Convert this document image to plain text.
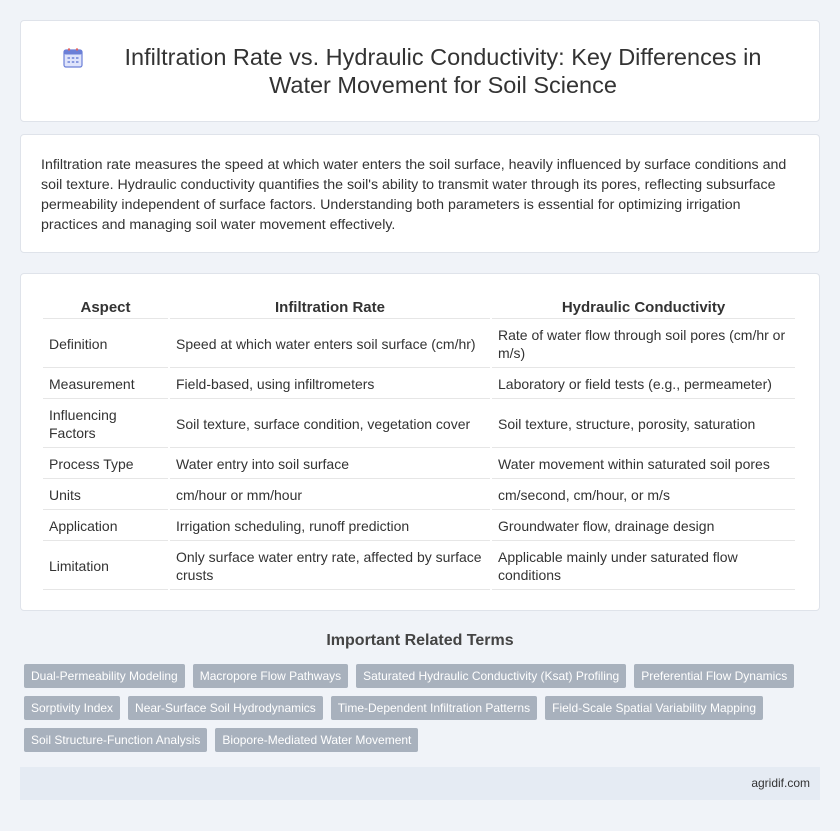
Infiltration Rate vs. Hydraulic Conductivity: Key Differences in Water Movement for Soil Science

Infiltration rate measures the speed at which water enters the soil surface, heavily influenced by surface conditions and soil texture. Hydraulic conductivity quantifies the soil's ability to transmit water through its pores, reflecting subsurface permeability independent of surface factors. Understanding both parameters is essential for optimizing irrigation practices and managing soil water movement effectively.

Aspect	Infiltration Rate	Hydraulic Conductivity
Definition	Speed at which water enters soil surface (cm/hr)	Rate of water flow through soil pores (cm/hr or m/s)
Measurement	Field-based, using infiltrometers	Laboratory or field tests (e.g., permeameter)
Influencing Factors	Soil texture, surface condition, vegetation cover	Soil texture, structure, porosity, saturation
Process Type	Water entry into soil surface	Water movement within saturated soil pores
Units	cm/hour or mm/hour	cm/second, cm/hour, or m/s
Application	Irrigation scheduling, runoff prediction	Groundwater flow, drainage design
Limitation	Only surface water entry rate, affected by surface crusts	Applicable mainly under saturated flow conditions
Important Related Terms
Dual-Permeability Modeling	Macropore Flow Pathways	Saturated Hydraulic Conductivity (Ksat) Profiling	Preferential Flow Dynamics
Sorptivity Index	Near-Surface Soil Hydrodynamics	Time-Dependent Infiltration Patterns	Field-Scale Spatial Variability Mapping
Soil Structure-Function Analysis	Biopore-Mediated Water Movement
agridif.com
